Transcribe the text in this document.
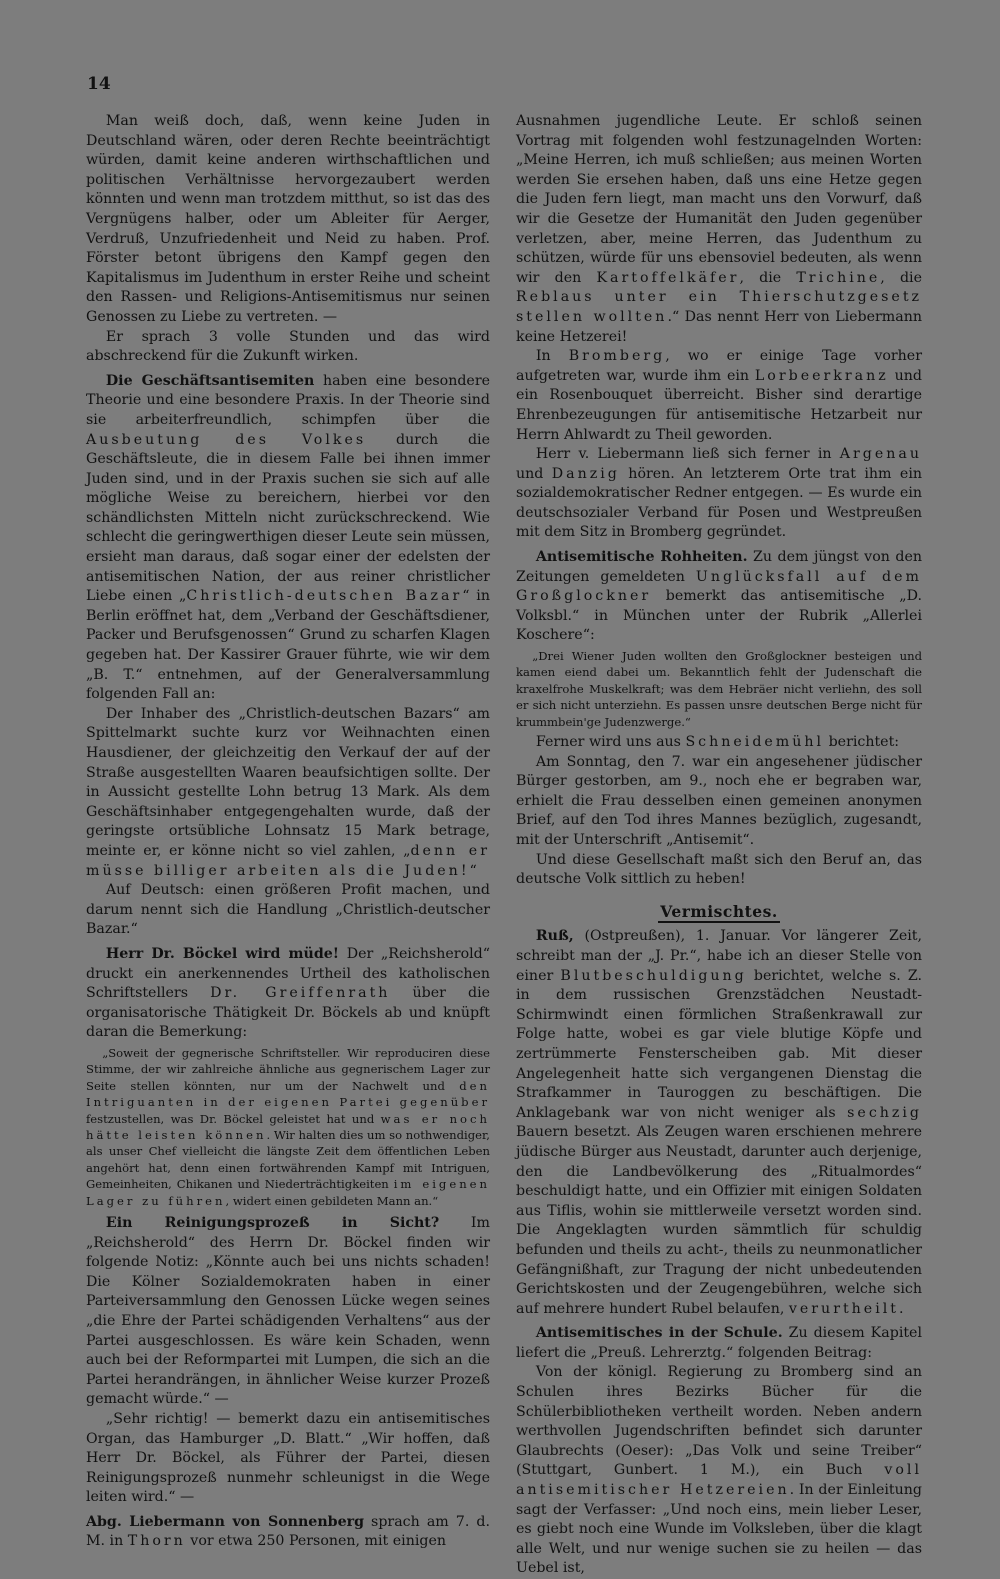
14

Man weiß doch, daß, wenn keine Juden in Deutschland wären, oder deren Rechte beeinträchtigt würden, damit keine anderen wirthschaftlichen und politischen Verhältnisse hervorgezaubert werden könnten und wenn man trotzdem mitthut, so ist das des Vergnügens halber, oder um Ableiter für Aerger, Verdruß, Unzufriedenheit und Neid zu haben. Prof. Förster betont übrigens den Kampf gegen den Kapitalismus im Judenthum in erster Reihe und scheint den Rassen- und Religions-Antisemitismus nur seinen Genossen zu Liebe zu vertreten. —

Er sprach 3 volle Stunden und das wird abschreckend für die Zukunft wirken.

Die Geschäftsantisemiten haben eine besondere Theorie und eine besondere Praxis. In der Theorie sind sie arbeiterfreundlich, schimpfen über die Ausbeutung des Volkes durch die Geschäftsleute, die in diesem Falle bei ihnen immer Juden sind, und in der Praxis suchen sie sich auf alle mögliche Weise zu bereichern, hierbei vor den schändlichsten Mitteln nicht zurückschreckend. Wie schlecht die geringwerthigen dieser Leute sein müssen, ersieht man daraus, daß sogar einer der edelsten der antisemitischen Nation, der aus reiner christlicher Liebe einen „Christlich-deutschen Bazar“ in Berlin eröffnet hat, dem „Verband der Geschäftsdiener, Packer und Berufsgenossen“ Grund zu scharfen Klagen gegeben hat. Der Kassirer Grauer führte, wie wir dem „B. T.“ entnehmen, auf der Generalversammlung folgenden Fall an:

Der Inhaber des „Christlich-deutschen Bazars“ am Spittelmarkt suchte kurz vor Weihnachten einen Hausdiener, der gleichzeitig den Verkauf der auf der Straße ausgestellten Waaren beaufsichtigen sollte. Der in Aussicht gestellte Lohn betrug 13 Mark. Als dem Geschäftsinhaber entgegengehalten wurde, daß der geringste ortsübliche Lohnsatz 15 Mark betrage, meinte er, er könne nicht so viel zahlen, „denn er müsse billiger arbeiten als die Juden!“

Auf Deutsch: einen größeren Profit machen, und darum nennt sich die Handlung „Christlich-deutscher Bazar.“

Herr Dr. Böckel wird müde! Der „Reichsherold“ druckt ein anerkennendes Urtheil des katholischen Schriftstellers Dr. Greiffenrath über die organisatorische Thätigkeit Dr. Böckels ab und knüpft daran die Bemerkung:

„Soweit der gegnerische Schriftsteller. Wir reproduciren diese Stimme, der wir zahlreiche ähnliche aus gegnerischem Lager zur Seite stellen könnten, nur um der Nachwelt und den Intriguanten in der eigenen Partei gegenüber festzustellen, was Dr. Böckel geleistet hat und was er noch hätte leisten können. Wir halten dies um so nothwendiger, als unser Chef vielleicht die längste Zeit dem öffentlichen Leben angehört hat, denn einen fortwährenden Kampf mit Intriguen, Gemeinheiten, Chikanen und Niederträchtigkeiten im eigenen Lager zu führen, widert einen gebildeten Mann an.“

Ein Reinigungsprozeß in Sicht? Im „Reichsherold“ des Herrn Dr. Böckel finden wir folgende Notiz: „Könnte auch bei uns nichts schaden! Die Kölner Sozialdemokraten haben in einer Parteiversammlung den Genossen Lücke wegen seines „die Ehre der Partei schädigenden Verhaltens“ aus der Partei ausgeschlossen. Es wäre kein Schaden, wenn auch bei der Reformpartei mit Lumpen, die sich an die Partei herandrängen, in ähnlicher Weise kurzer Prozeß gemacht würde.“ —

„Sehr richtig! — bemerkt dazu ein antisemitisches Organ, das Hamburger „D. Blatt.“ „Wir hoffen, daß Herr Dr. Böckel, als Führer der Partei, diesen Reinigungsprozeß nunmehr schleunigst in die Wege leiten wird.“ —

Abg. Liebermann von Sonnenberg sprach am 7. d. M. in Thorn vor etwa 250 Personen, mit einigen

Ausnahmen jugendliche Leute. Er schloß seinen Vortrag mit folgenden wohl festzunagelnden Worten: „Meine Herren, ich muß schließen; aus meinen Worten werden Sie ersehen haben, daß uns eine Hetze gegen die Juden fern liegt, man macht uns den Vorwurf, daß wir die Gesetze der Humanität den Juden gegenüber verletzen, aber, meine Herren, das Judenthum zu schützen, würde für uns ebensoviel bedeuten, als wenn wir den Kartoffelkäfer, die Trichine, die Reblaus unter ein Thierschutzgesetz stellen wollten.“ Das nennt Herr von Liebermann keine Hetzerei!

In Bromberg, wo er einige Tage vorher aufgetreten war, wurde ihm ein Lorbeerkranz und ein Rosenbouquet überreicht. Bisher sind derartige Ehrenbezeugungen für antisemitische Hetzarbeit nur Herrn Ahlwardt zu Theil geworden.

Herr v. Liebermann ließ sich ferner in Argenau und Danzig hören. An letzterem Orte trat ihm ein sozialdemokratischer Redner entgegen. — Es wurde ein deutschsozialer Verband für Posen und Westpreußen mit dem Sitz in Bromberg gegründet.

Antisemitische Rohheiten. Zu dem jüngst von den Zeitungen gemeldeten Unglücksfall auf dem Großglockner bemerkt das antisemitische „D. Volksbl.“ in München unter der Rubrik „Allerlei Koschere“:

„Drei Wiener Juden wollten den Großglockner besteigen und kamen eiend dabei um. Bekanntlich fehlt der Judenschaft die kraxelfrohe Muskelkraft; was dem Hebräer nicht verliehn, des soll er sich nicht unterziehn. Es passen unsre deutschen Berge nicht für krummbein'ge Judenzwerge.“

Ferner wird uns aus Schneidemühl berichtet:

Am Sonntag, den 7. war ein angesehener jüdischer Bürger gestorben, am 9., noch ehe er begraben war, erhielt die Frau desselben einen gemeinen anonymen Brief, auf den Tod ihres Mannes bezüglich, zugesandt, mit der Unterschrift „Antisemit“.

Und diese Gesellschaft maßt sich den Beruf an, das deutsche Volk sittlich zu heben!

Vermischtes.

Ruß, (Ostpreußen), 1. Januar. Vor längerer Zeit, schreibt man der „J. Pr.“, habe ich an dieser Stelle von einer Blutbeschuldigung berichtet, welche s. Z. in dem russischen Grenzstädchen Neustadt-Schirmwindt einen förmlichen Straßenkrawall zur Folge hatte, wobei es gar viele blutige Köpfe und zertrümmerte Fensterscheiben gab. Mit dieser Angelegenheit hatte sich vergangenen Dienstag die Strafkammer in Tauroggen zu beschäftigen. Die Anklagebank war von nicht weniger als sechzig Bauern besetzt. Als Zeugen waren erschienen mehrere jüdische Bürger aus Neustadt, darunter auch derjenige, den die Landbevölkerung des „Ritualmordes“ beschuldigt hatte, und ein Offizier mit einigen Soldaten aus Tiflis, wohin sie mittlerweile versetzt worden sind. Die Angeklagten wurden sämmtlich für schuldig befunden und theils zu acht-, theils zu neunmonatlicher Gefängnißhaft, zur Tragung der nicht unbedeutenden Gerichtskosten und der Zeugengebühren, welche sich auf mehrere hundert Rubel belaufen, verurtheilt.

Antisemitisches in der Schule. Zu diesem Kapitel liefert die „Preuß. Lehrerztg.“ folgenden Beitrag:

Von der königl. Regierung zu Bromberg sind an Schulen ihres Bezirks Bücher für die Schülerbibliotheken vertheilt worden. Neben andern werthvollen Jugendschriften befindet sich darunter Glaubrechts (Oeser): „Das Volk und seine Treiber“ (Stuttgart, Gunbert. 1 M.), ein Buch voll antisemitischer Hetzereien. In der Einleitung sagt der Verfasser: „Und noch eins, mein lieber Leser, es giebt noch eine Wunde im Volksleben, über die klagt alle Welt, und nur wenige suchen sie zu heilen — das Uebel ist,
